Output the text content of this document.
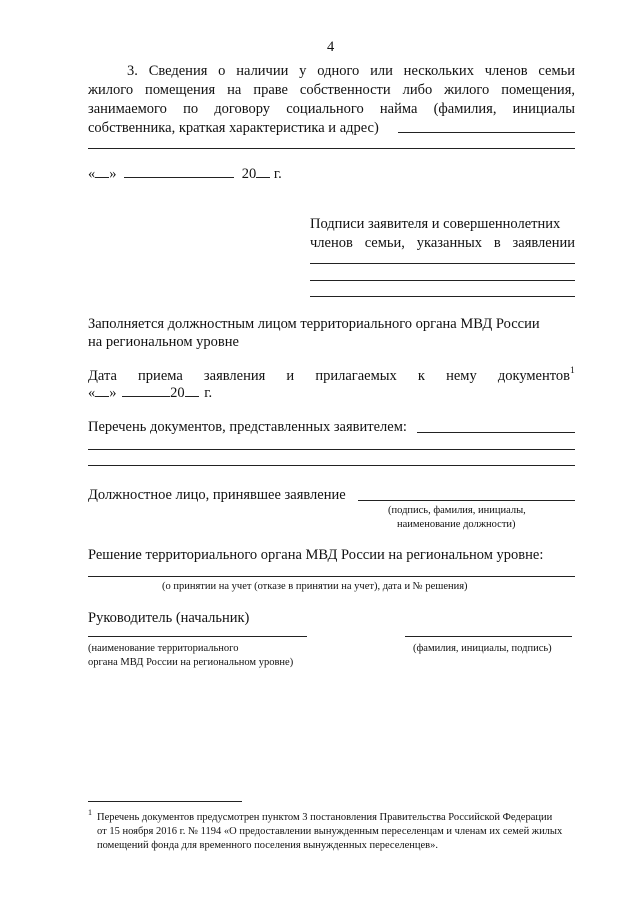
4
3. Сведения о наличии у одного или нескольких членов семьи
жилого помещения на праве собственности либо жилого помещения,
занимаемого по договору социального найма (фамилия, инициалы
собственника, краткая характеристика и адрес)
« »	20 г.
Подписи заявителя и совершеннолетних
членов семьи, указанных в заявлении
Заполняется должностным лицом территориального органа МВД России
на региональном уровне
Дата приема заявления и прилагаемых к нему документов 1
« »	20 г.
Перечень документов, представленных заявителем:
Должностное лицо, принявшее заявление
(подпись, фамилия, инициалы,
наименование должности)
Решение территориального органа МВД России на региональном уровне:
(о принятии на учет (отказе в принятии на учет), дата и № решения)
Руководитель (начальник)
(наименование территориального
органа МВД России на региональном уровне)
(фамилия, инициалы, подпись)
1 Перечень документов предусмотрен пунктом 3 постановления Правительства Российской Федерации
от 15 ноября 2016 г. № 1194 «О предоставлении вынужденным переселенцам и членам их семей жилых
помещений фонда для временного поселения вынужденных переселенцев».
